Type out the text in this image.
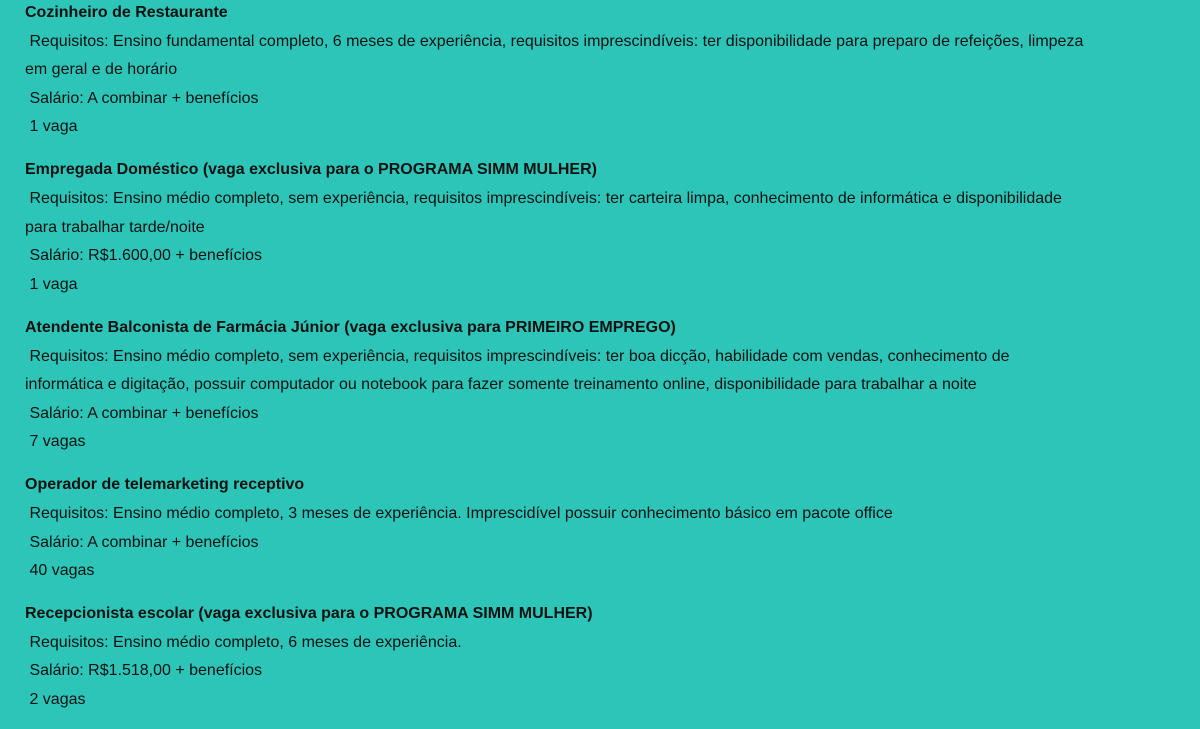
Cozinheiro de Restaurante

Requisitos: Ensino fundamental completo, 6 meses de experiência, requisitos imprescindíveis: ter disponibilidade para preparo de refeições, limpeza em geral e de horário

Salário: A combinar + benefícios

1 vaga

Empregada Doméstico (vaga exclusiva para o PROGRAMA SIMM MULHER)

Requisitos: Ensino médio completo, sem experiência, requisitos imprescindíveis: ter carteira limpa, conhecimento de informática e disponibilidade para trabalhar tarde/noite

Salário: R$1.600,00 + benefícios

1 vaga

Atendente Balconista de Farmácia Júnior (vaga exclusiva para PRIMEIRO EMPREGO)

Requisitos: Ensino médio completo, sem experiência, requisitos imprescindíveis: ter boa dicção, habilidade com vendas, conhecimento de informática e digitação, possuir computador ou notebook para fazer somente treinamento online, disponibilidade para trabalhar a noite

Salário: A combinar + benefícios

7 vagas

Operador de telemarketing receptivo

Requisitos: Ensino médio completo, 3 meses de experiência. Imprescidível possuir conhecimento básico em pacote office

Salário: A combinar + benefícios

40 vagas

Recepcionista escolar (vaga exclusiva para o PROGRAMA SIMM MULHER)

Requisitos: Ensino médio completo, 6 meses de experiência.

Salário: R$1.518,00 + benefícios

2 vagas
